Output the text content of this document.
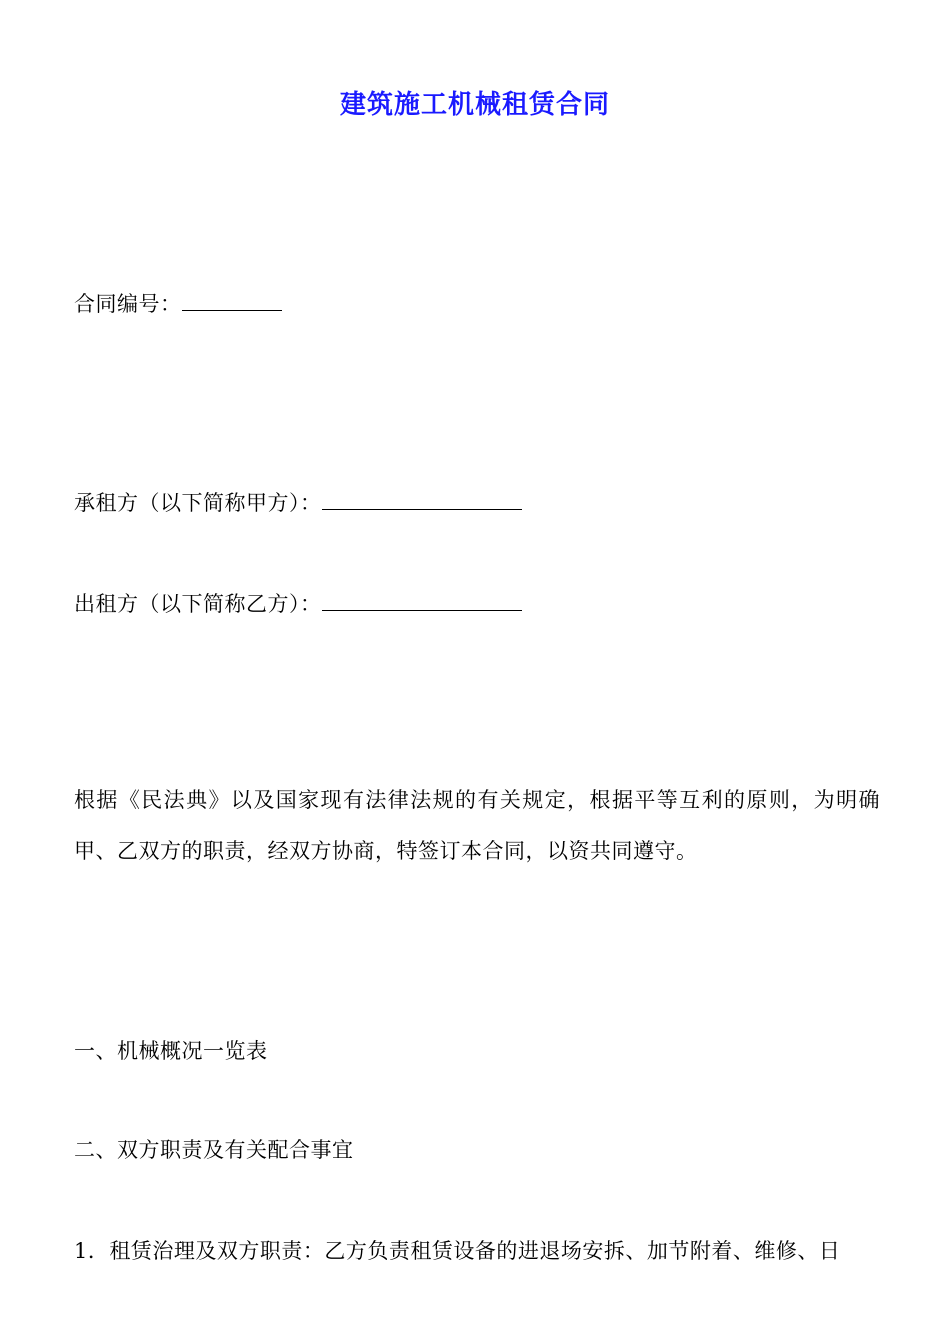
建筑施工机械租赁合同
合同编号：
承租方（以下简称甲方）：
出租方（以下简称乙方）：
根据《民法典》以及国家现有法律法规的有关规定，根据平等互利的原则，为明确甲、乙双方的职责，经双方协商，特签订本合同，以资共同遵守。
一、机械概况一览表
二、双方职责及有关配合事宜
1．租赁治理及双方职责：乙方负责租赁设备的进退场安拆、加节附着、维修、日
